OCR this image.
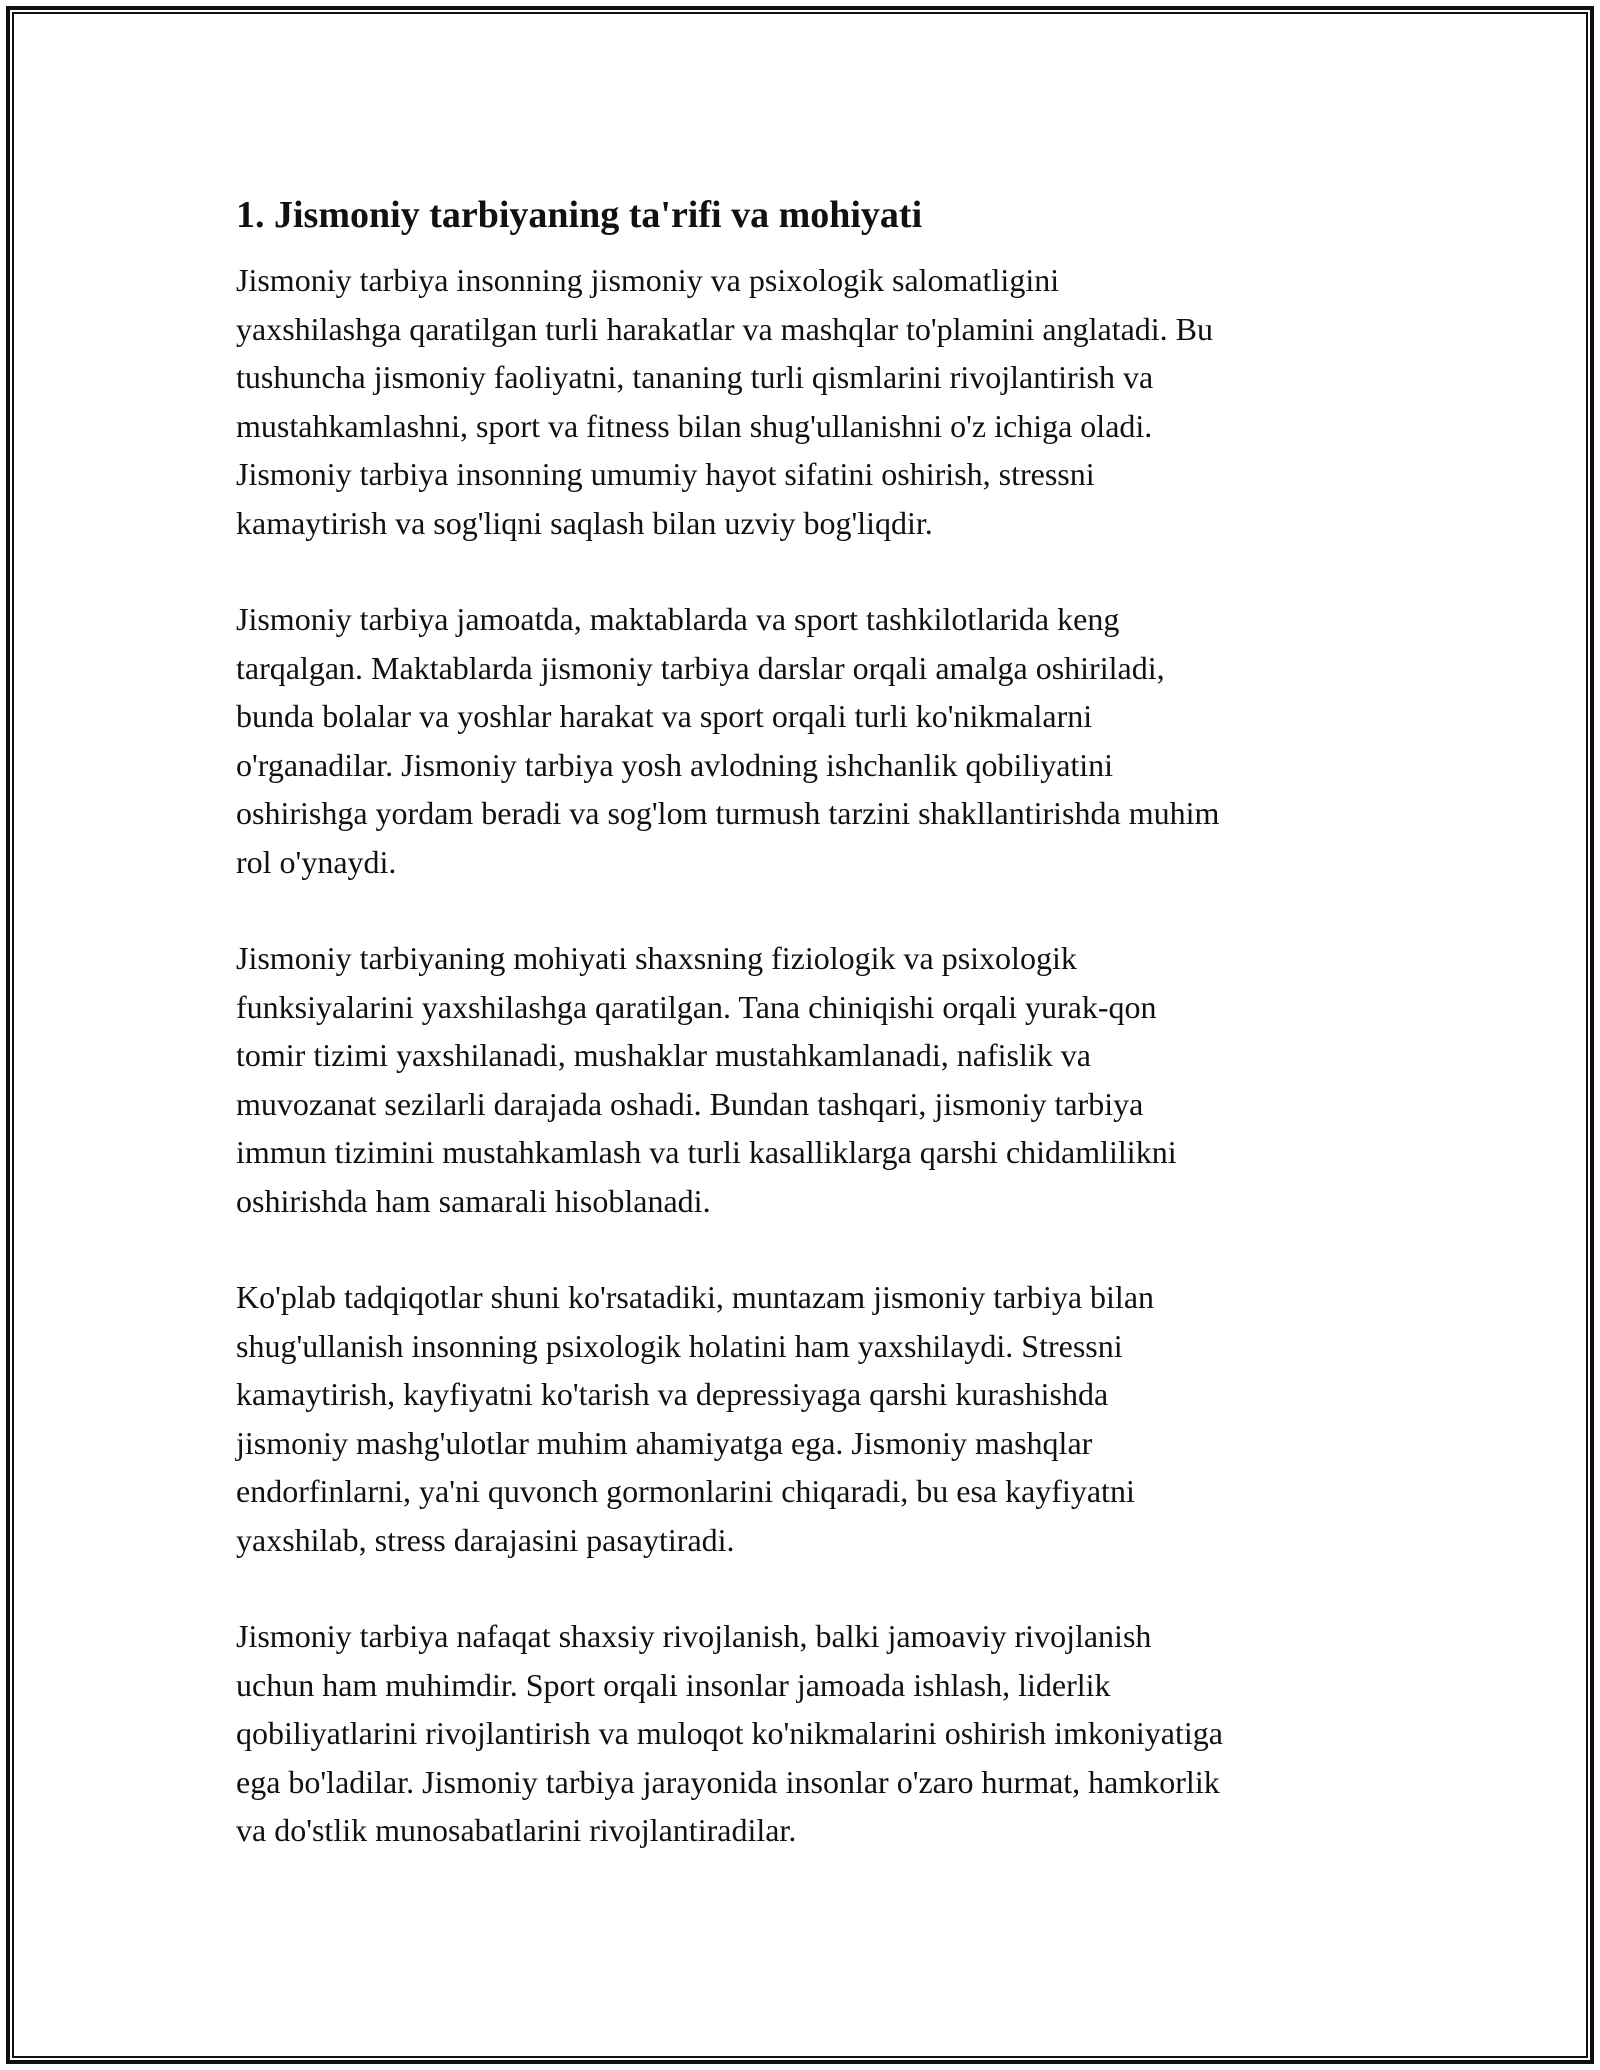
1. Jismoniy tarbiyaning ta'rifi va mohiyati

Jismoniy tarbiya insonning jismoniy va psixologik salomatligini
yaxshilashga qaratilgan turli harakatlar va mashqlar to'plamini anglatadi. Bu
tushuncha jismoniy faoliyatni, tananing turli qismlarini rivojlantirish va
mustahkamlashni, sport va fitness bilan shug'ullanishni o'z ichiga oladi.
Jismoniy tarbiya insonning umumiy hayot sifatini oshirish, stressni
kamaytirish va sog'liqni saqlash bilan uzviy bog'liqdir.

Jismoniy tarbiya jamoatda, maktablarda va sport tashkilotlarida keng
tarqalgan. Maktablarda jismoniy tarbiya darslar orqali amalga oshiriladi,
bunda bolalar va yoshlar harakat va sport orqali turli ko'nikmalarni
o'rganadilar. Jismoniy tarbiya yosh avlodning ishchanlik qobiliyatini
oshirishga yordam beradi va sog'lom turmush tarzini shakllantirishda muhim
rol o'ynaydi.

Jismoniy tarbiyaning mohiyati shaxsning fiziologik va psixologik
funksiyalarini yaxshilashga qaratilgan. Tana chiniqishi orqali yurak-qon
tomir tizimi yaxshilanadi, mushaklar mustahkamlanadi, nafislik va
muvozanat sezilarli darajada oshadi. Bundan tashqari, jismoniy tarbiya
immun tizimini mustahkamlash va turli kasalliklarga qarshi chidamlilikni
oshirishda ham samarali hisoblanadi.

Ko'plab tadqiqotlar shuni ko'rsatadiki, muntazam jismoniy tarbiya bilan
shug'ullanish insonning psixologik holatini ham yaxshilaydi. Stressni
kamaytirish, kayfiyatni ko'tarish va depressiyaga qarshi kurashishda
jismoniy mashg'ulotlar muhim ahamiyatga ega. Jismoniy mashqlar
endorfinlarni, ya'ni quvonch gormonlarini chiqaradi, bu esa kayfiyatni
yaxshilab, stress darajasini pasaytiradi.

Jismoniy tarbiya nafaqat shaxsiy rivojlanish, balki jamoaviy rivojlanish
uchun ham muhimdir. Sport orqali insonlar jamoada ishlash, liderlik
qobiliyatlarini rivojlantirish va muloqot ko'nikmalarini oshirish imkoniyatiga
ega bo'ladilar. Jismoniy tarbiya jarayonida insonlar o'zaro hurmat, hamkorlik
va do'stlik munosabatlarini rivojlantiradilar.
